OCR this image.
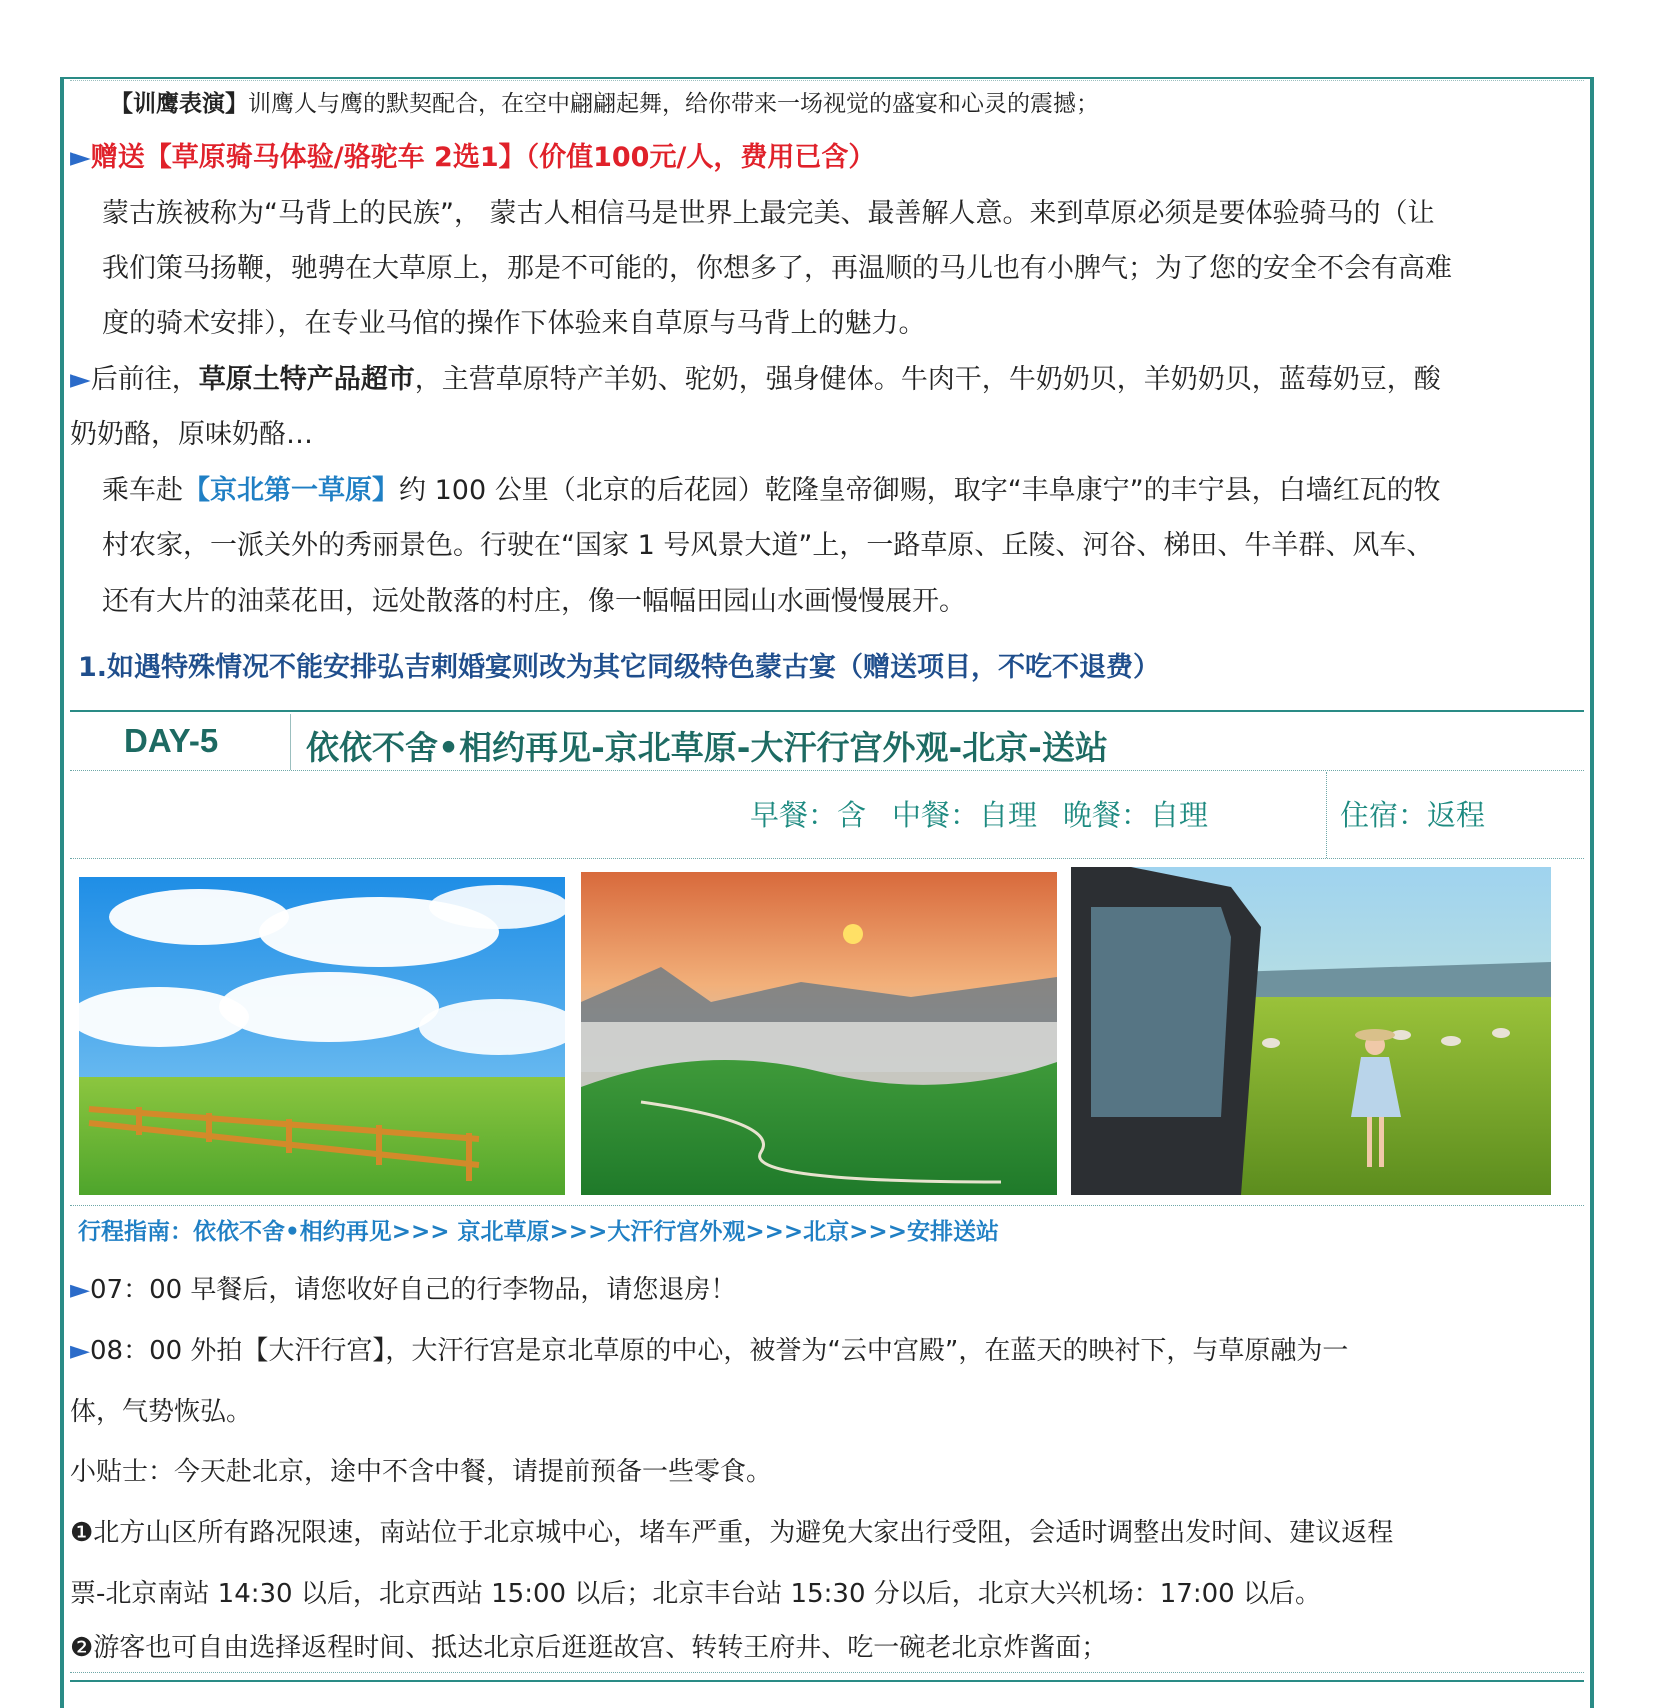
【训鹰表演】训鹰人与鹰的默契配合，在空中翩翩起舞，给你带来一场视觉的盛宴和心灵的震撼；
►赠送【草原骑马体验/骆驼车 2选1】（价值100元/人，费用已含）
蒙古族被称为“马背上的民族”， 蒙古人相信马是世界上最完美、最善解人意。来到草原必须是要体验骑马的（让
我们策马扬鞭，驰骋在大草原上，那是不可能的，你想多了，再温顺的马儿也有小脾气；为了您的安全不会有高难
度的骑术安排），在专业马倌的操作下体验来自草原与马背上的魅力。
►后前往，草原土特产品超市，主营草原特产羊奶、驼奶，强身健体。牛肉干，牛奶奶贝，羊奶奶贝，蓝莓奶豆，酸
奶奶酪，原味奶酪…
乘车赴【京北第一草原】约 100 公里（北京的后花园）乾隆皇帝御赐，取字“丰阜康宁”的丰宁县，白墙红瓦的牧
村农家，一派关外的秀丽景色。行驶在“国家 1 号风景大道”上，一路草原、丘陵、河谷、梯田、牛羊群、风车、
还有大片的油菜花田，远处散落的村庄，像一幅幅田园山水画慢慢展开。
1.如遇特殊情况不能安排弘吉剌婚宴则改为其它同级特色蒙古宴（赠送项目，不吃不退费）
DAY-5	依依不舍•相约再见-京北草原-大汗行宫外观-北京-送站
早餐：含 中餐：自理 晚餐：自理	住宿：返程
行程指南：依依不舍•相约再见>>> 京北草原>>>大汗行宫外观>>>北京>>>安排送站
►07：00 早餐后，请您收好自己的行李物品，请您退房！
►08：00 外拍【大汗行宫】，大汗行宫是京北草原的中心，被誉为“云中宫殿”，在蓝天的映衬下，与草原融为一
体，气势恢弘。
小贴士：今天赴北京，途中不含中餐，请提前预备一些零食。
❶北方山区所有路况限速，南站位于北京城中心，堵车严重，为避免大家出行受阻，会适时调整出发时间、建议返程
票-北京南站 14:30 以后，北京西站 15:00 以后；北京丰台站 15:30 分以后，北京大兴机场：17:00 以后。
❷游客也可自由选择返程时间、抵达北京后逛逛故宫、转转王府井、吃一碗老北京炸酱面；
